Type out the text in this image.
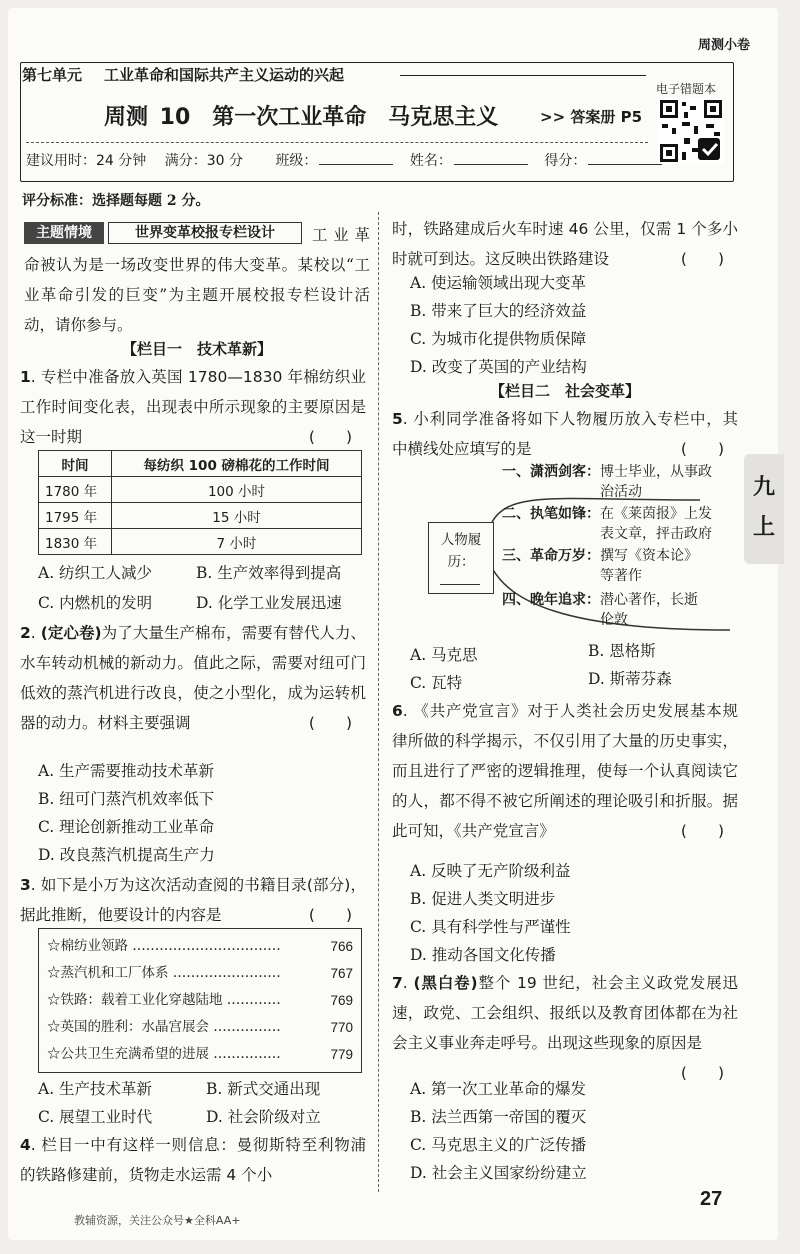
周测小卷
第七单元 工业革命和国际共产主义运动的兴起
周测 10　第一次工业革命　马克思主义	>> 答案册 P5
电子错题本
建议用时：24 分钟　 满分：30 分　　 班级：	姓名：	得分：
评分标准：选择题每题 2 分。
主题情境	世界变革校报专栏设计	工业革命被认为是一场改变世界的伟大变革。某校以“工业革命引发的巨变”为主题开展校报专栏设计活动，请你参与。
【栏目一　技术革新】
1. 专栏中准备放入英国 1780—1830 年棉纺织业工作时间变化表，出现表中所示现象的主要原因是这一时期	(　　)
时间	每纺织 100 磅棉花的工作时间
1780 年	100 小时
1795 年	15 小时
1830 年	7 小时
A. 纺织工人减少	B. 生产效率得到提高
C. 内燃机的发明	D. 化学工业发展迅速
2. (定心卷)为了大量生产棉布，需要有替代人力、水车转动机械的新动力。值此之际，需要对纽可门低效的蒸汽机进行改良，使之小型化，成为运转机器的动力。材料主要强调	(　　)
A. 生产需要推动技术革新
B. 纽可门蒸汽机效率低下
C. 理论创新推动工业革命
D. 改良蒸汽机提高生产力
3. 如下是小万为这次活动查阅的书籍目录(部分)，据此推断，他要设计的内容是	(　　)
☆棉纺业领路 ……………………………	766
☆蒸汽机和工厂体系 ……………………	767
☆铁路：载着工业化穿越陆地 …………	769
☆英国的胜利：水晶宫展会 ……………	770
☆公共卫生充满希望的进展 ……………	779
A. 生产技术革新	B. 新式交通出现
C. 展望工业时代	D. 社会阶级对立
4. 栏目一中有这样一则信息：曼彻斯特至利物浦的铁路修建前，货物走水运需 4 个小
时，铁路建成后火车时速 46 公里，仅需 1 个多小时就可到达。这反映出铁路建设	(　　)
A. 使运输领域出现大变革
B. 带来了巨大的经济效益
C. 为城市化提供物质保障
D. 改变了英国的产业结构
【栏目二　社会变革】
5. 小利同学准备将如下人物履历放入专栏中，其中横线处应填写的是	(　　)
人物履历：
一、潇洒剑客：博士毕业，从事政治活动
二、执笔如锋：在《莱茵报》上发表文章，抨击政府
三、革命万岁：撰写《资本论》等著作
四、晚年追求：潜心著作，长逝伦敦
A. 马克思	B. 恩格斯
C. 瓦特	D. 斯蒂芬森
6. 《共产党宣言》对于人类社会历史发展基本规律所做的科学揭示，不仅引用了大量的历史事实，而且进行了严密的逻辑推理，使每一个认真阅读它的人，都不得不被它所阐述的理论吸引和折服。据此可知，《共产党宣言》	(　　)
A. 反映了无产阶级利益
B. 促进人类文明进步
C. 具有科学性与严谨性
D. 推动各国文化传播
7. (黑白卷)整个 19 世纪，社会主义政党发展迅速，政党、工会组织、报纸以及教育团体都在为社会主义事业奔走呼号。出现这些现象的原因是
(　　)
A. 第一次工业革命的爆发
B. 法兰西第一帝国的覆灭
C. 马克思主义的广泛传播
D. 社会主义国家纷纷建立
九上
27
教辅资源，关注公众号★全科AA+
